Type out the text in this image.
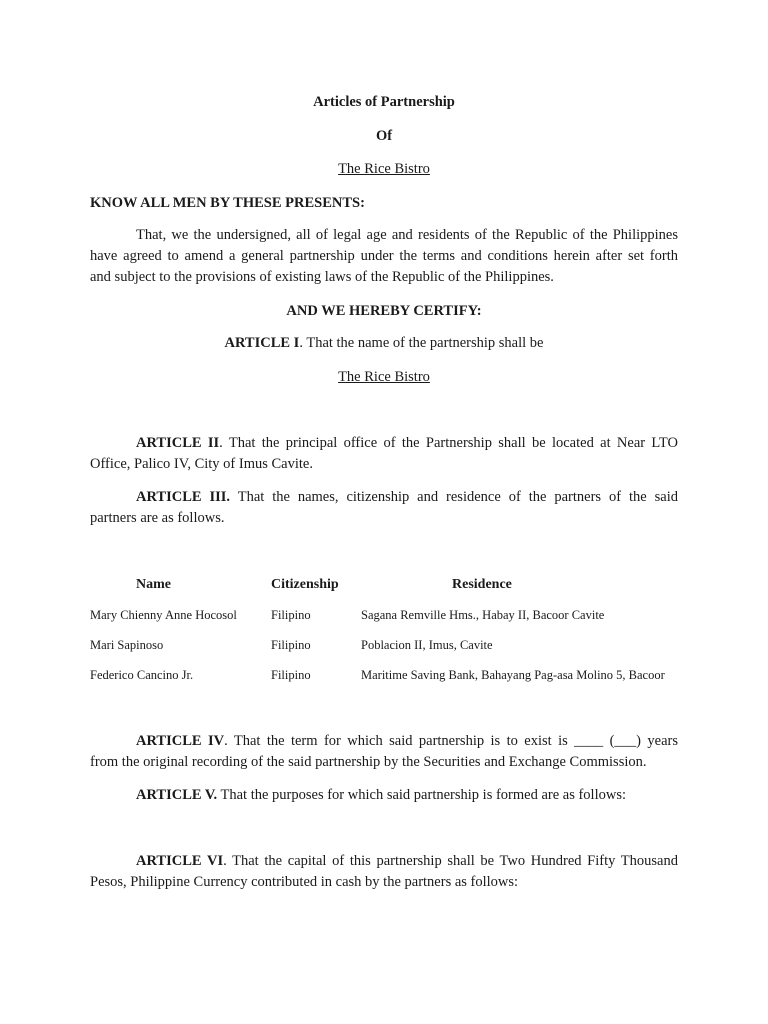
Articles of Partnership
Of
The Rice Bistro
KNOW ALL MEN BY THESE PRESENTS:
That, we the undersigned, all of legal age and residents of the Republic of the Philippines
have agreed to amend a general partnership under the terms and conditions herein after set forth
and subject to the provisions of existing laws of the Republic of the Philippines.
AND WE HEREBY CERTIFY:
ARTICLE I. That the name of the partnership shall be
The Rice Bistro
ARTICLE II. That the principal office of the Partnership shall be located at Near LTO
Office, Palico IV, City of Imus Cavite.
ARTICLE III. That the names, citizenship and residence of the partners of the said
partners are as follows.
Name	Citizenship	Residence
Mary Chienny Anne Hocosol	Filipino	Sagana Remville Hms., Habay II, Bacoor Cavite
Mari Sapinoso	Filipino	Poblacion II, Imus, Cavite
Federico Cancino Jr.	Filipino	Maritime Saving Bank, Bahayang Pag-asa Molino 5, Bacoor
ARTICLE IV. That the term for which said partnership is to exist is ____ (___) years
from the original recording of the said partnership by the Securities and Exchange Commission.
ARTICLE V. That the purposes for which said partnership is formed are as follows:
ARTICLE VI. That the capital of this partnership shall be Two Hundred Fifty Thousand
Pesos, Philippine Currency contributed in cash by the partners as follows:
